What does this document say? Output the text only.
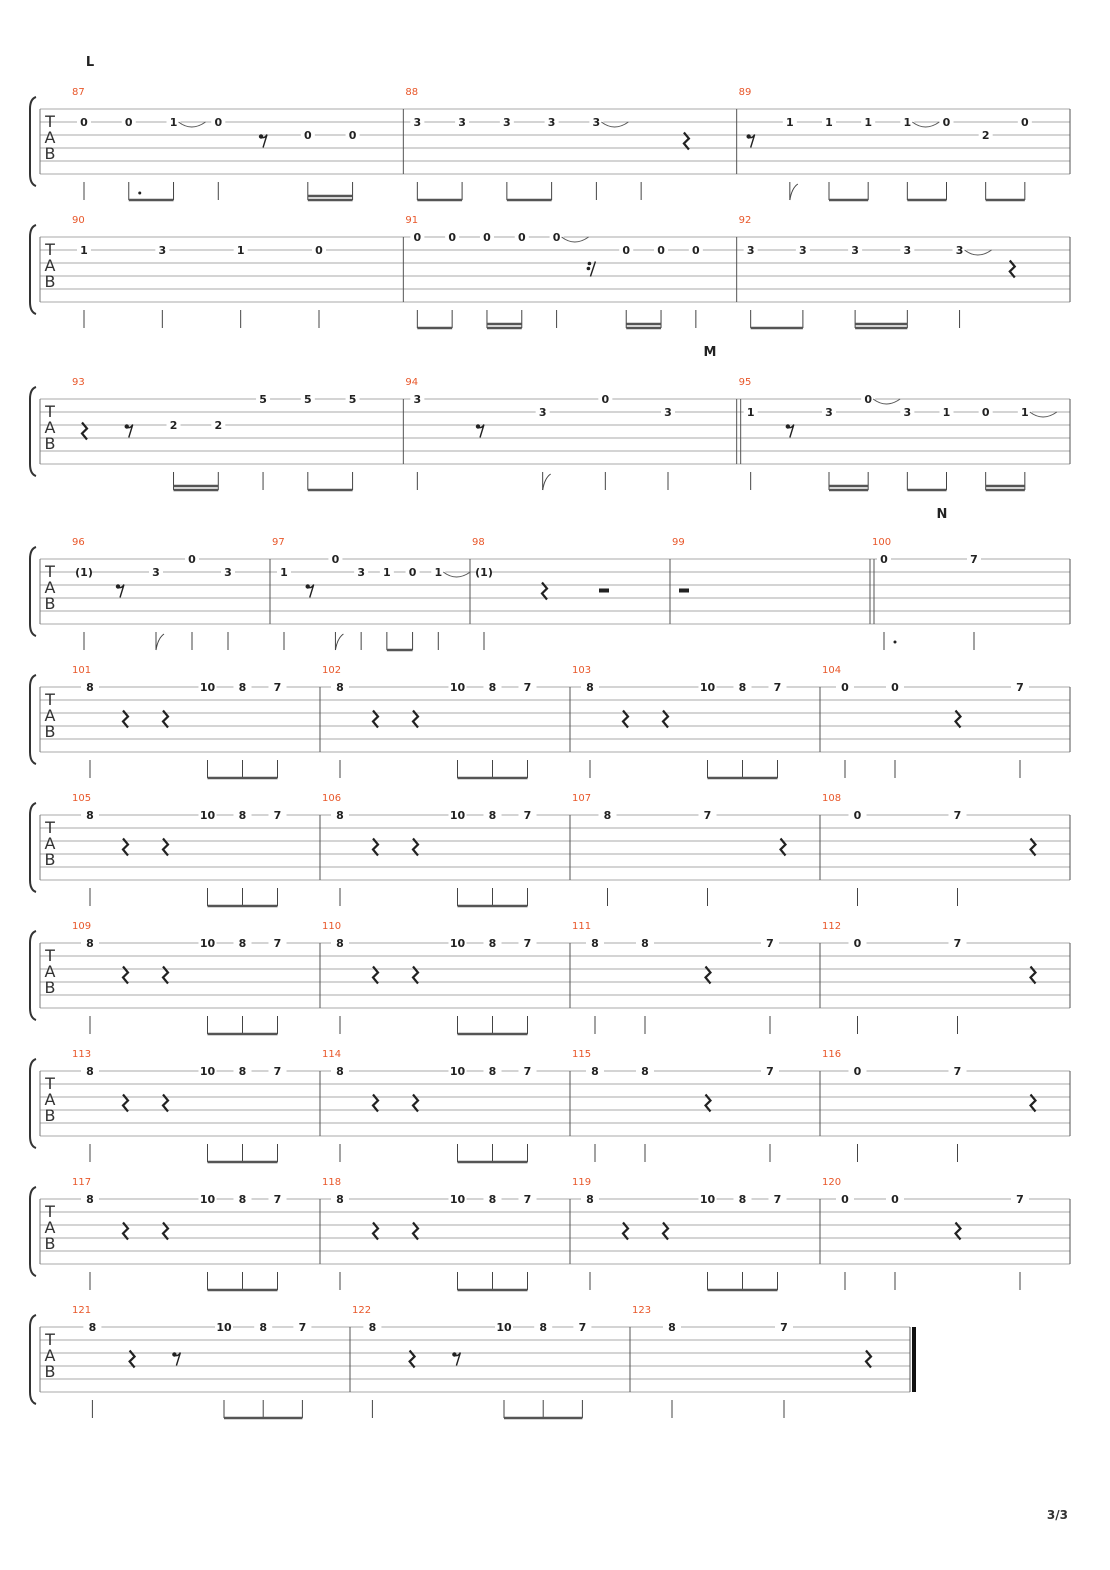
T
A
B
87
0	0	1	0
0	0
88
3	3	3	3	3
89
1	1	1	1	0
2
0
T
A
B
90
1	3	1	0
91
0 0 0 0 0
0 0 0
92
3	3	3	3	3
T
A
B
93
2	2
5	5	5
94
3
3
0
3
95
1	3
0
3	1	0	1
T
A
B
96
(1)	3
0
3
97
1
0
3 1 0 1
98
(1)
99	100
0	7
T
A
B
101
8	10 8 7
102
8	10 8 7
103
8	10 8 7
104
0	0	7
T
A
B
105
8	10 8 7
106
8	10 8 7
107
8	7
108
0	7
T
A
B
109
8	10 8 7
110
8	10 8 7
111
8	8	7
112
0	7
T
A
B
113
8	10 8 7
114
8	10 8 7
115
8	8	7
116
0	7
T
A
B
117
8	10 8 7
118
8	10 8 7
119
8	10 8 7
120
0	0	7
T
A
B
121
8	10	8	7
122
8	10	8	7
123
8	7
L
M
N
3/3
